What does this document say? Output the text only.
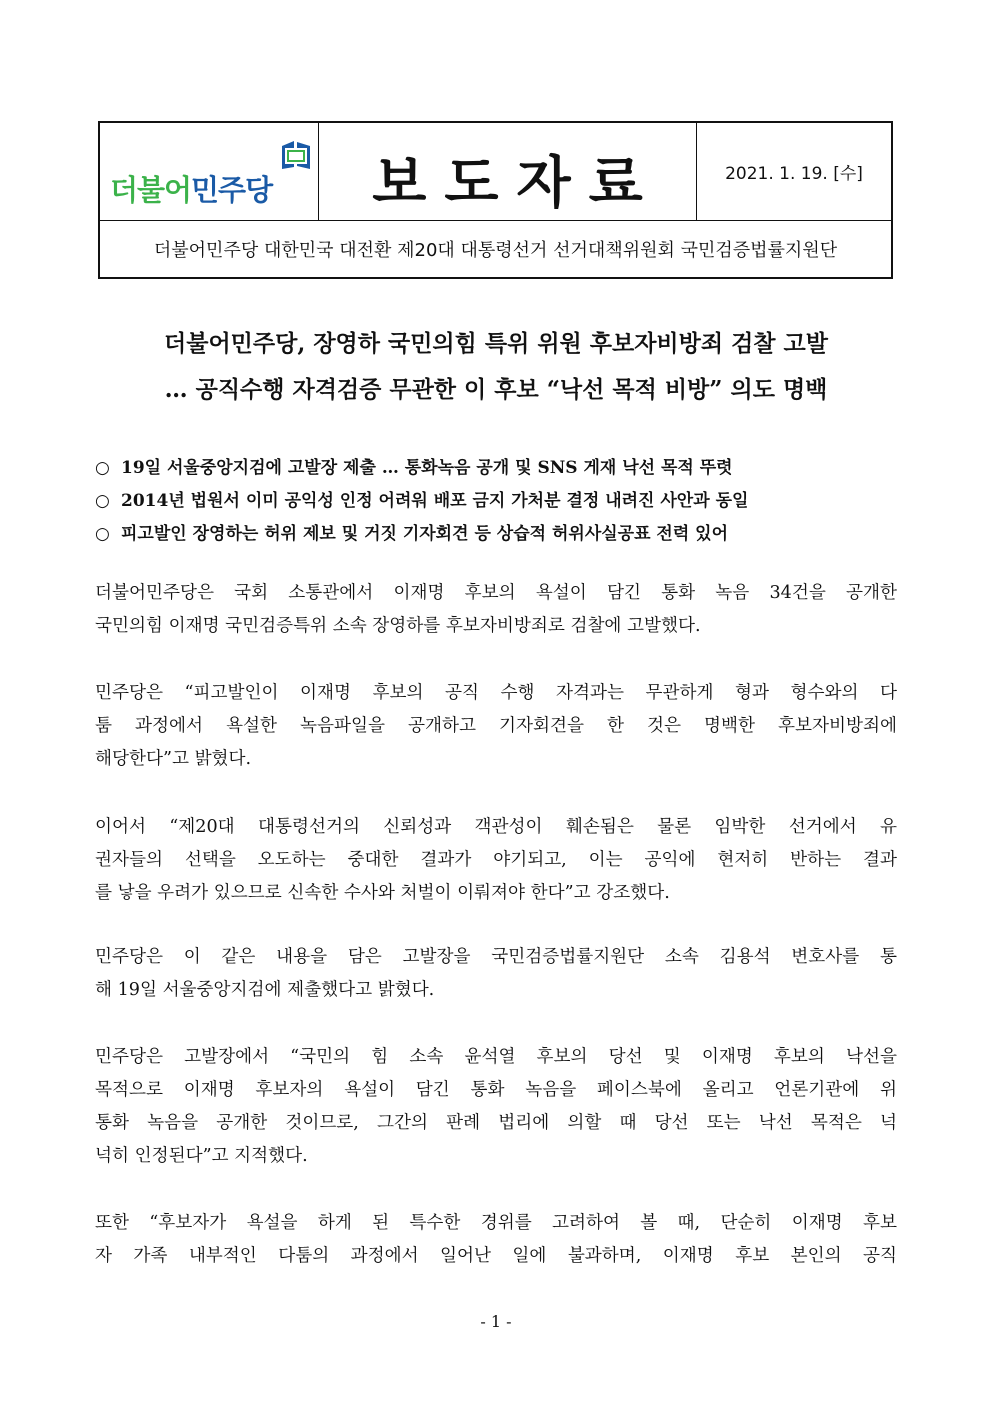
더불어민주당	보도자료	2021. 1. 19. [수]
더불어민주당 대한민국 대전환 제20대 대통령선거 선거대책위원회 국민검증법률지원단
더불어민주당, 장영하 국민의힘 특위 위원 후보자비방죄 검찰 고발
… 공직수행 자격검증 무관한 이 후보 “낙선 목적 비방” 의도 명백
○ 19일 서울중앙지검에 고발장 제출 … 통화녹음 공개 및 SNS 게재 낙선 목적 뚜렷
○ 2014년 법원서 이미 공익성 인정 어려워 배포 금지 가처분 결정 내려진 사안과 동일
○ 피고발인 장영하는 허위 제보 및 거짓 기자회견 등 상습적 허위사실공표 전력 있어
더불어민주당은 국회 소통관에서 이재명 후보의 욕설이 담긴 통화 녹음 34건을 공개한
국민의힘 이재명 국민검증특위 소속 장영하를 후보자비방죄로 검찰에 고발했다.
민주당은 “피고발인이 이재명 후보의 공직 수행 자격과는 무관하게 형과 형수와의 다
툼 과정에서 욕설한 녹음파일을 공개하고 기자회견을 한 것은 명백한 후보자비방죄에
해당한다”고 밝혔다.
이어서 “제20대 대통령선거의 신뢰성과 객관성이 훼손됨은 물론 임박한 선거에서 유
권자들의 선택을 오도하는 중대한 결과가 야기되고, 이는 공익에 현저히 반하는 결과
를 낳을 우려가 있으므로 신속한 수사와 처벌이 이뤄져야 한다”고 강조했다.
민주당은 이 같은 내용을 담은 고발장을 국민검증법률지원단 소속 김용석 변호사를 통
해 19일 서울중앙지검에 제출했다고 밝혔다.
민주당은 고발장에서 “국민의 힘 소속 윤석열 후보의 당선 및 이재명 후보의 낙선을
목적으로 이재명 후보자의 욕설이 담긴 통화 녹음을 페이스북에 올리고 언론기관에 위
통화 녹음을 공개한 것이므로, 그간의 판례 법리에 의할 때 당선 또는 낙선 목적은 넉
넉히 인정된다”고 지적했다.
또한 “후보자가 욕설을 하게 된 특수한 경위를 고려하여 볼 때, 단순히 이재명 후보
자 가족 내부적인 다툼의 과정에서 일어난 일에 불과하며, 이재명 후보 본인의 공직
- 1 -
